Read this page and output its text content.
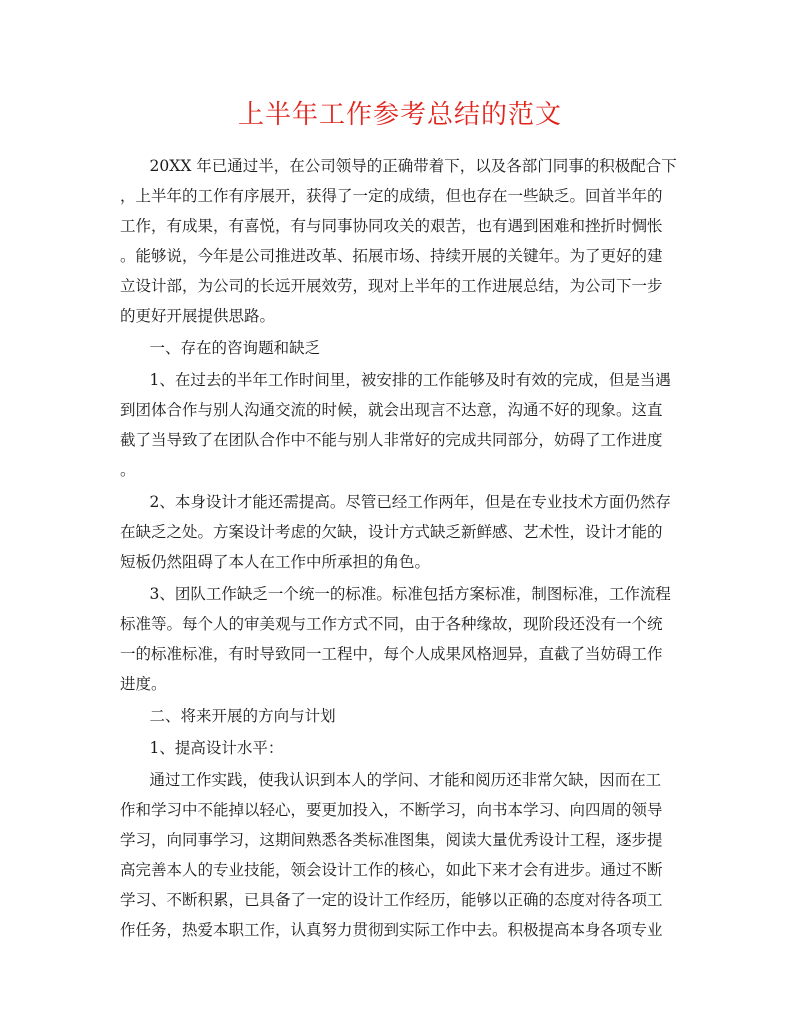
上半年工作参考总结的范文
20XX 年已通过半，在公司领导的正确带着下，以及各部门同事的积极配合下
，上半年的工作有序展开，获得了一定的成绩，但也存在一些缺乏。回首半年的
工作，有成果，有喜悦，有与同事协同攻关的艰苦，也有遇到困难和挫折时惆怅
。能够说，今年是公司推进改革、拓展市场、持续开展的关键年。为了更好的建
立设计部，为公司的长远开展效劳，现对上半年的工作进展总结，为公司下一步
的更好开展提供思路。
一、存在的咨询题和缺乏
1、在过去的半年工作时间里，被安排的工作能够及时有效的完成，但是当遇
到团体合作与别人沟通交流的时候，就会出现言不达意，沟通不好的现象。这直
截了当导致了在团队合作中不能与别人非常好的完成共同部分，妨碍了工作进度
。
2、本身设计才能还需提高。尽管已经工作两年，但是在专业技术方面仍然存
在缺乏之处。方案设计考虑的欠缺，设计方式缺乏新鲜感、艺术性，设计才能的
短板仍然阻碍了本人在工作中所承担的角色。
3、团队工作缺乏一个统一的标准。标准包括方案标准，制图标准，工作流程
标准等。每个人的审美观与工作方式不同，由于各种缘故，现阶段还没有一个统
一的标准标准，有时导致同一工程中，每个人成果风格迥异，直截了当妨碍工作
进度。
二、将来开展的方向与计划
1、提高设计水平：
通过工作实践，使我认识到本人的学问、才能和阅历还非常欠缺，因而在工
作和学习中不能掉以轻心，要更加投入，不断学习，向书本学习、向四周的领导
学习，向同事学习，这期间熟悉各类标准图集，阅读大量优秀设计工程，逐步提
高完善本人的专业技能，领会设计工作的核心，如此下来才会有进步。通过不断
学习、不断积累，已具备了一定的设计工作经历，能够以正确的态度对待各项工
作任务，热爱本职工作，认真努力贯彻到实际工作中去。积极提高本身各项专业
